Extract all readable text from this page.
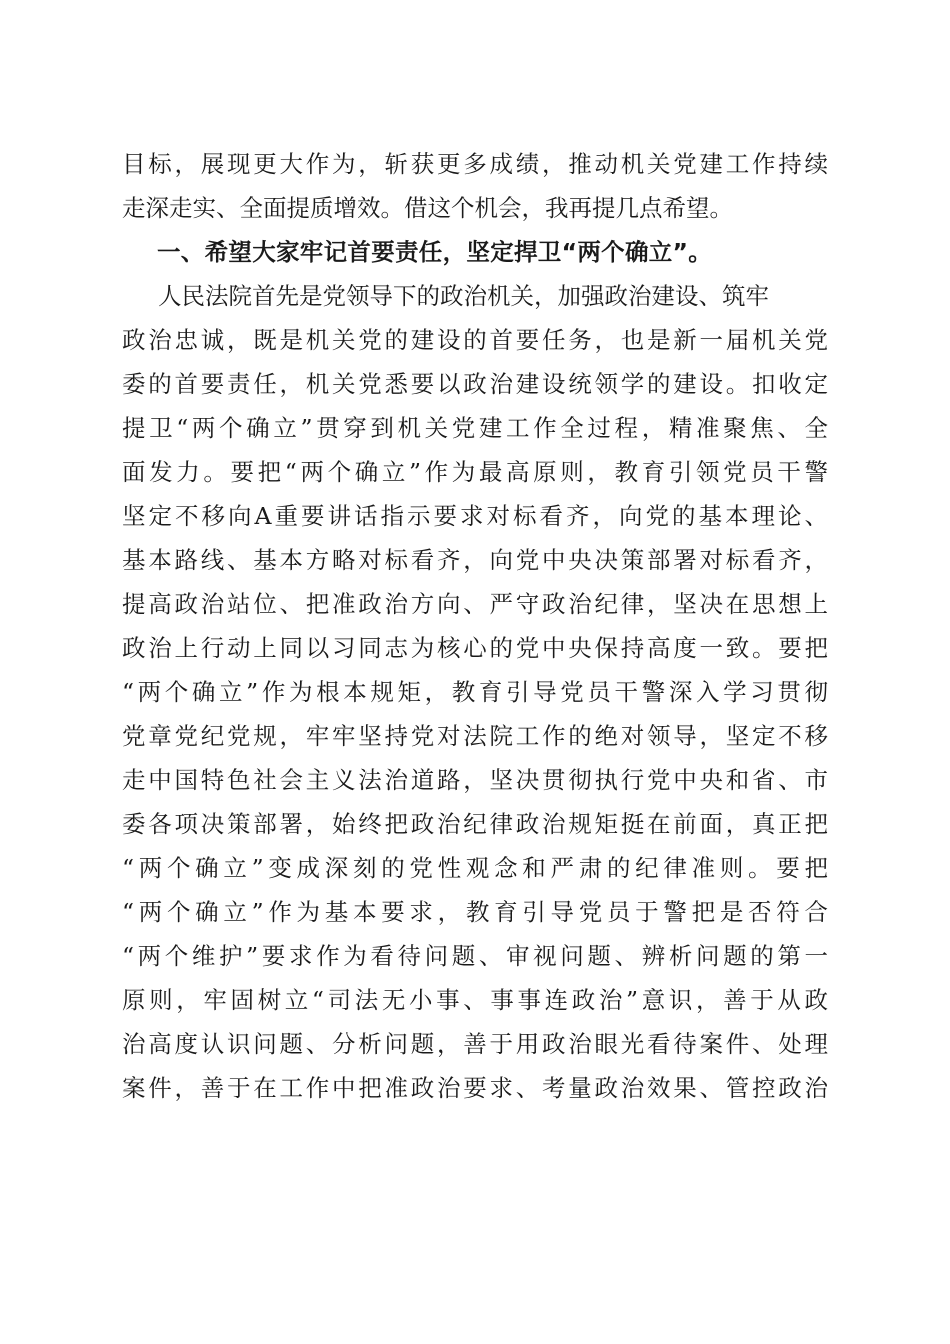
目标，展现更大作为，斩获更多成绩，推动机关党建工作持续
走深走实、全面提质增效。借这个机会，我再提几点希望。
一、希望大家牢记首要责任，坚定捍卫“两个确立”。
人民法院首先是党领导下的政治机关，加强政治建设、筑牢
政治忠诚，既是机关党的建设的首要任务，也是新一届机关党
委的首要责任，机关党悉要以政治建设统领学的建设。扣收定
提卫“两个确立”贯穿到机关党建工作全过程，精准聚焦、全
面发力。要把“两个确立”作为最高原则，教育引领党员干警
坚定不移向A重要讲话指示要求对标看齐，向党的基本理论、
基本路线、基本方略对标看齐，向党中央决策部署对标看齐，
提高政治站位、把准政治方向、严守政治纪律，坚决在思想上
政治上行动上同以习同志为核心的党中央保持高度一致。要把
“两个确立”作为根本规矩，教育引导党员干警深入学习贯彻
党章党纪党规，牢牢坚持党对法院工作的绝对领导，坚定不移
走中国特色社会主义法治道路，坚决贯彻执行党中央和省、市
委各项决策部署，始终把政治纪律政治规矩挺在前面，真正把
“两个确立”变成深刻的党性观念和严肃的纪律准则。要把
“两个确立”作为基本要求，教育引导党员于警把是否符合
“两个维护”要求作为看待问题、审视问题、辨析问题的第一
原则，牢固树立“司法无小事、事事连政治”意识，善于从政
治高度认识问题、分析问题，善于用政治眼光看待案件、处理
案件，善于在工作中把准政治要求、考量政治效果、管控政治
